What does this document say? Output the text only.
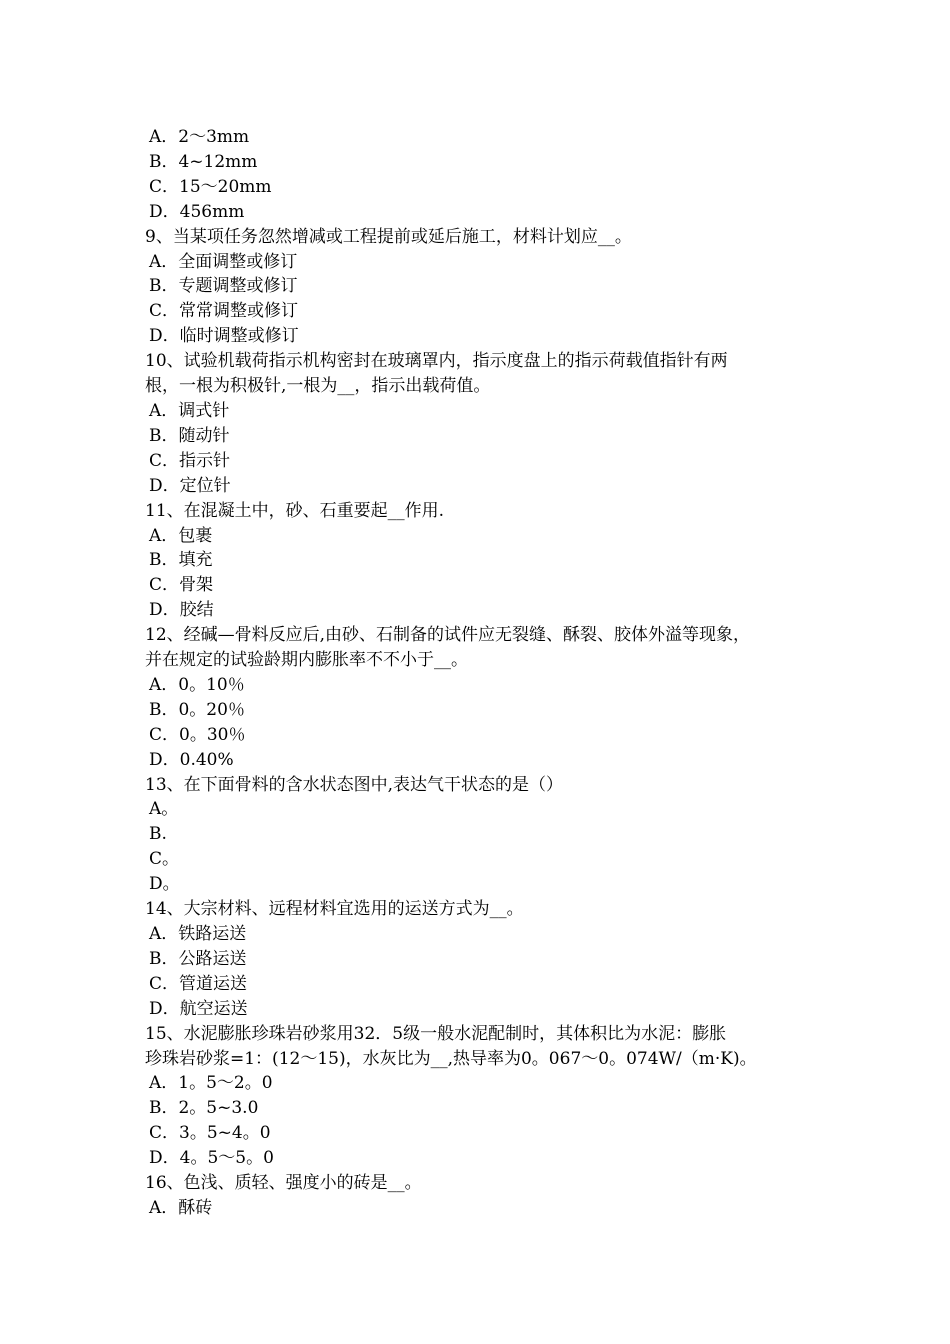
A．2～3mm
B．4~12mm
C．15～20mm
D．456mm
9、当某项任务忽然增减或工程提前或延后施工，材料计划应__。
A．全面调整或修订
B．专题调整或修订
C．常常调整或修订
D．临时调整或修订
10、试验机载荷指示机构密封在玻璃罩内，指示度盘上的指示荷载值指针有两
根，一根为积极针,一根为__，指示出载荷值。
A．调式针
B．随动针
C．指示针
D．定位针
11、在混凝土中，砂、石重要起__作用.
A．包裹
B．填充
C．骨架
D．胶结
12、经碱—骨料反应后,由砂、石制备的试件应无裂缝、酥裂、胶体外溢等现象，
并在规定的试验龄期内膨胀率不不小于__。
A．0。10％
B．0。20％
C．0。30％
D．0.40%
13、在下面骨料的含水状态图中,表达气干状态的是（）
A。
B.
C。
D。
14、大宗材料、远程材料宜选用的运送方式为__。
A．铁路运送
B．公路运送
C．管道运送
D．航空运送
15、水泥膨胀珍珠岩砂浆用32．5级一般水泥配制时，其体积比为水泥：膨胀
珍珠岩砂浆=1：(12～15)，水灰比为__,热导率为0。067～0。074W/（m·K)。
A．1。5～2。0
B．2。5~3.0
C．3。5~4。0
D．4。5～5。0
16、色浅、质轻、强度小的砖是__。
A．酥砖
